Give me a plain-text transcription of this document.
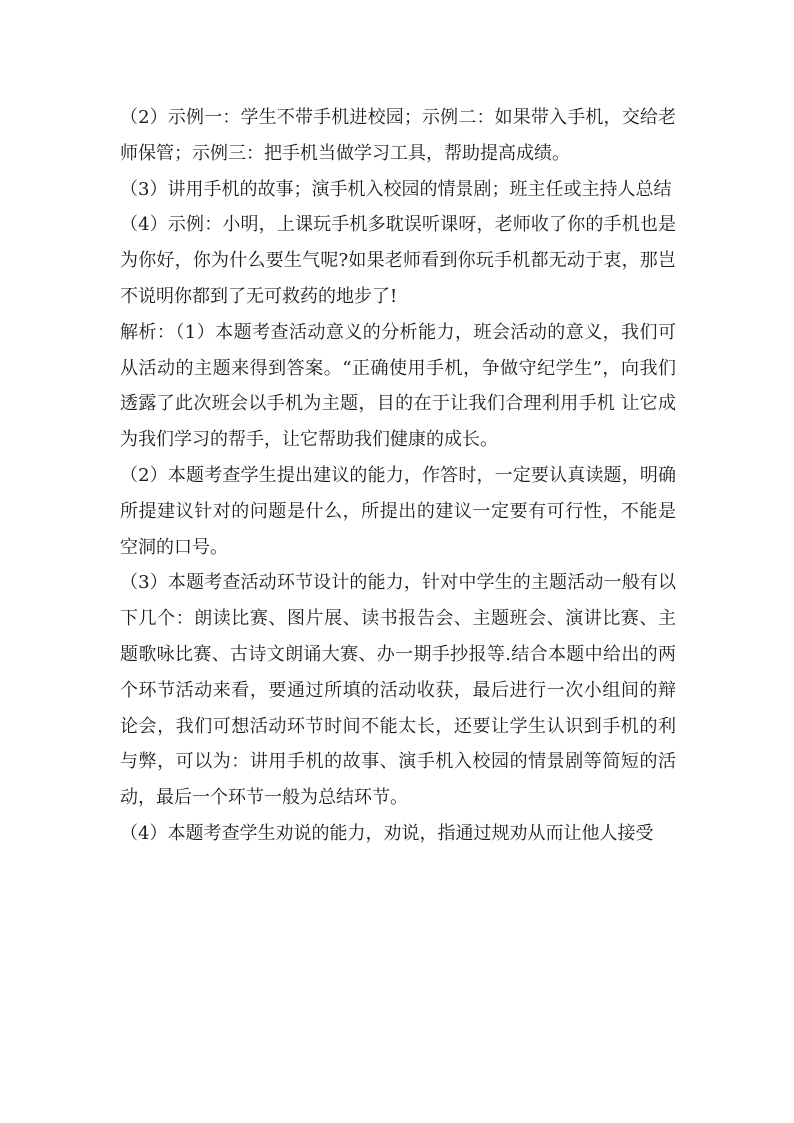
（2）示例一：学生不带手机进校园；示例二：如果带入手机，交给老师保管；示例三：把手机当做学习工具，帮助提高成绩。

（3）讲用手机的故事；演手机入校园的情景剧；班主任或主持人总结

（4）示例：小明，上课玩手机多耽误听课呀，老师收了你的手机也是为你好，你为什么要生气呢?如果老师看到你玩手机都无动于衷，那岂不说明你都到了无可救药的地步了!

解析：（1）本题考查活动意义的分析能力，班会活动的意义，我们可从活动的主题来得到答案。“正确使用手机，争做守纪学生”，向我们透露了此次班会以手机为主题，目的在于让我们合理利用手机 让它成为我们学习的帮手，让它帮助我们健康的成长。

（2）本题考查学生提出建议的能力，作答时，一定要认真读题，明确所提建议针对的问题是什么，所提出的建议一定要有可行性，不能是空洞的口号。

（3）本题考查活动环节设计的能力，针对中学生的主题活动一般有以下几个：朗读比赛、图片展、读书报告会、主题班会、演讲比赛、主题歌咏比赛、古诗文朗诵大赛、办一期手抄报等.结合本题中给出的两个环节活动来看，要通过所填的活动收获，最后进行一次小组间的辩论会，我们可想活动环节时间不能太长，还要让学生认识到手机的利与弊，可以为：讲用手机的故事、演手机入校园的情景剧等简短的活动，最后一个环节一般为总结环节。

（4）本题考查学生劝说的能力，劝说，指通过规劝从而让他人接受
